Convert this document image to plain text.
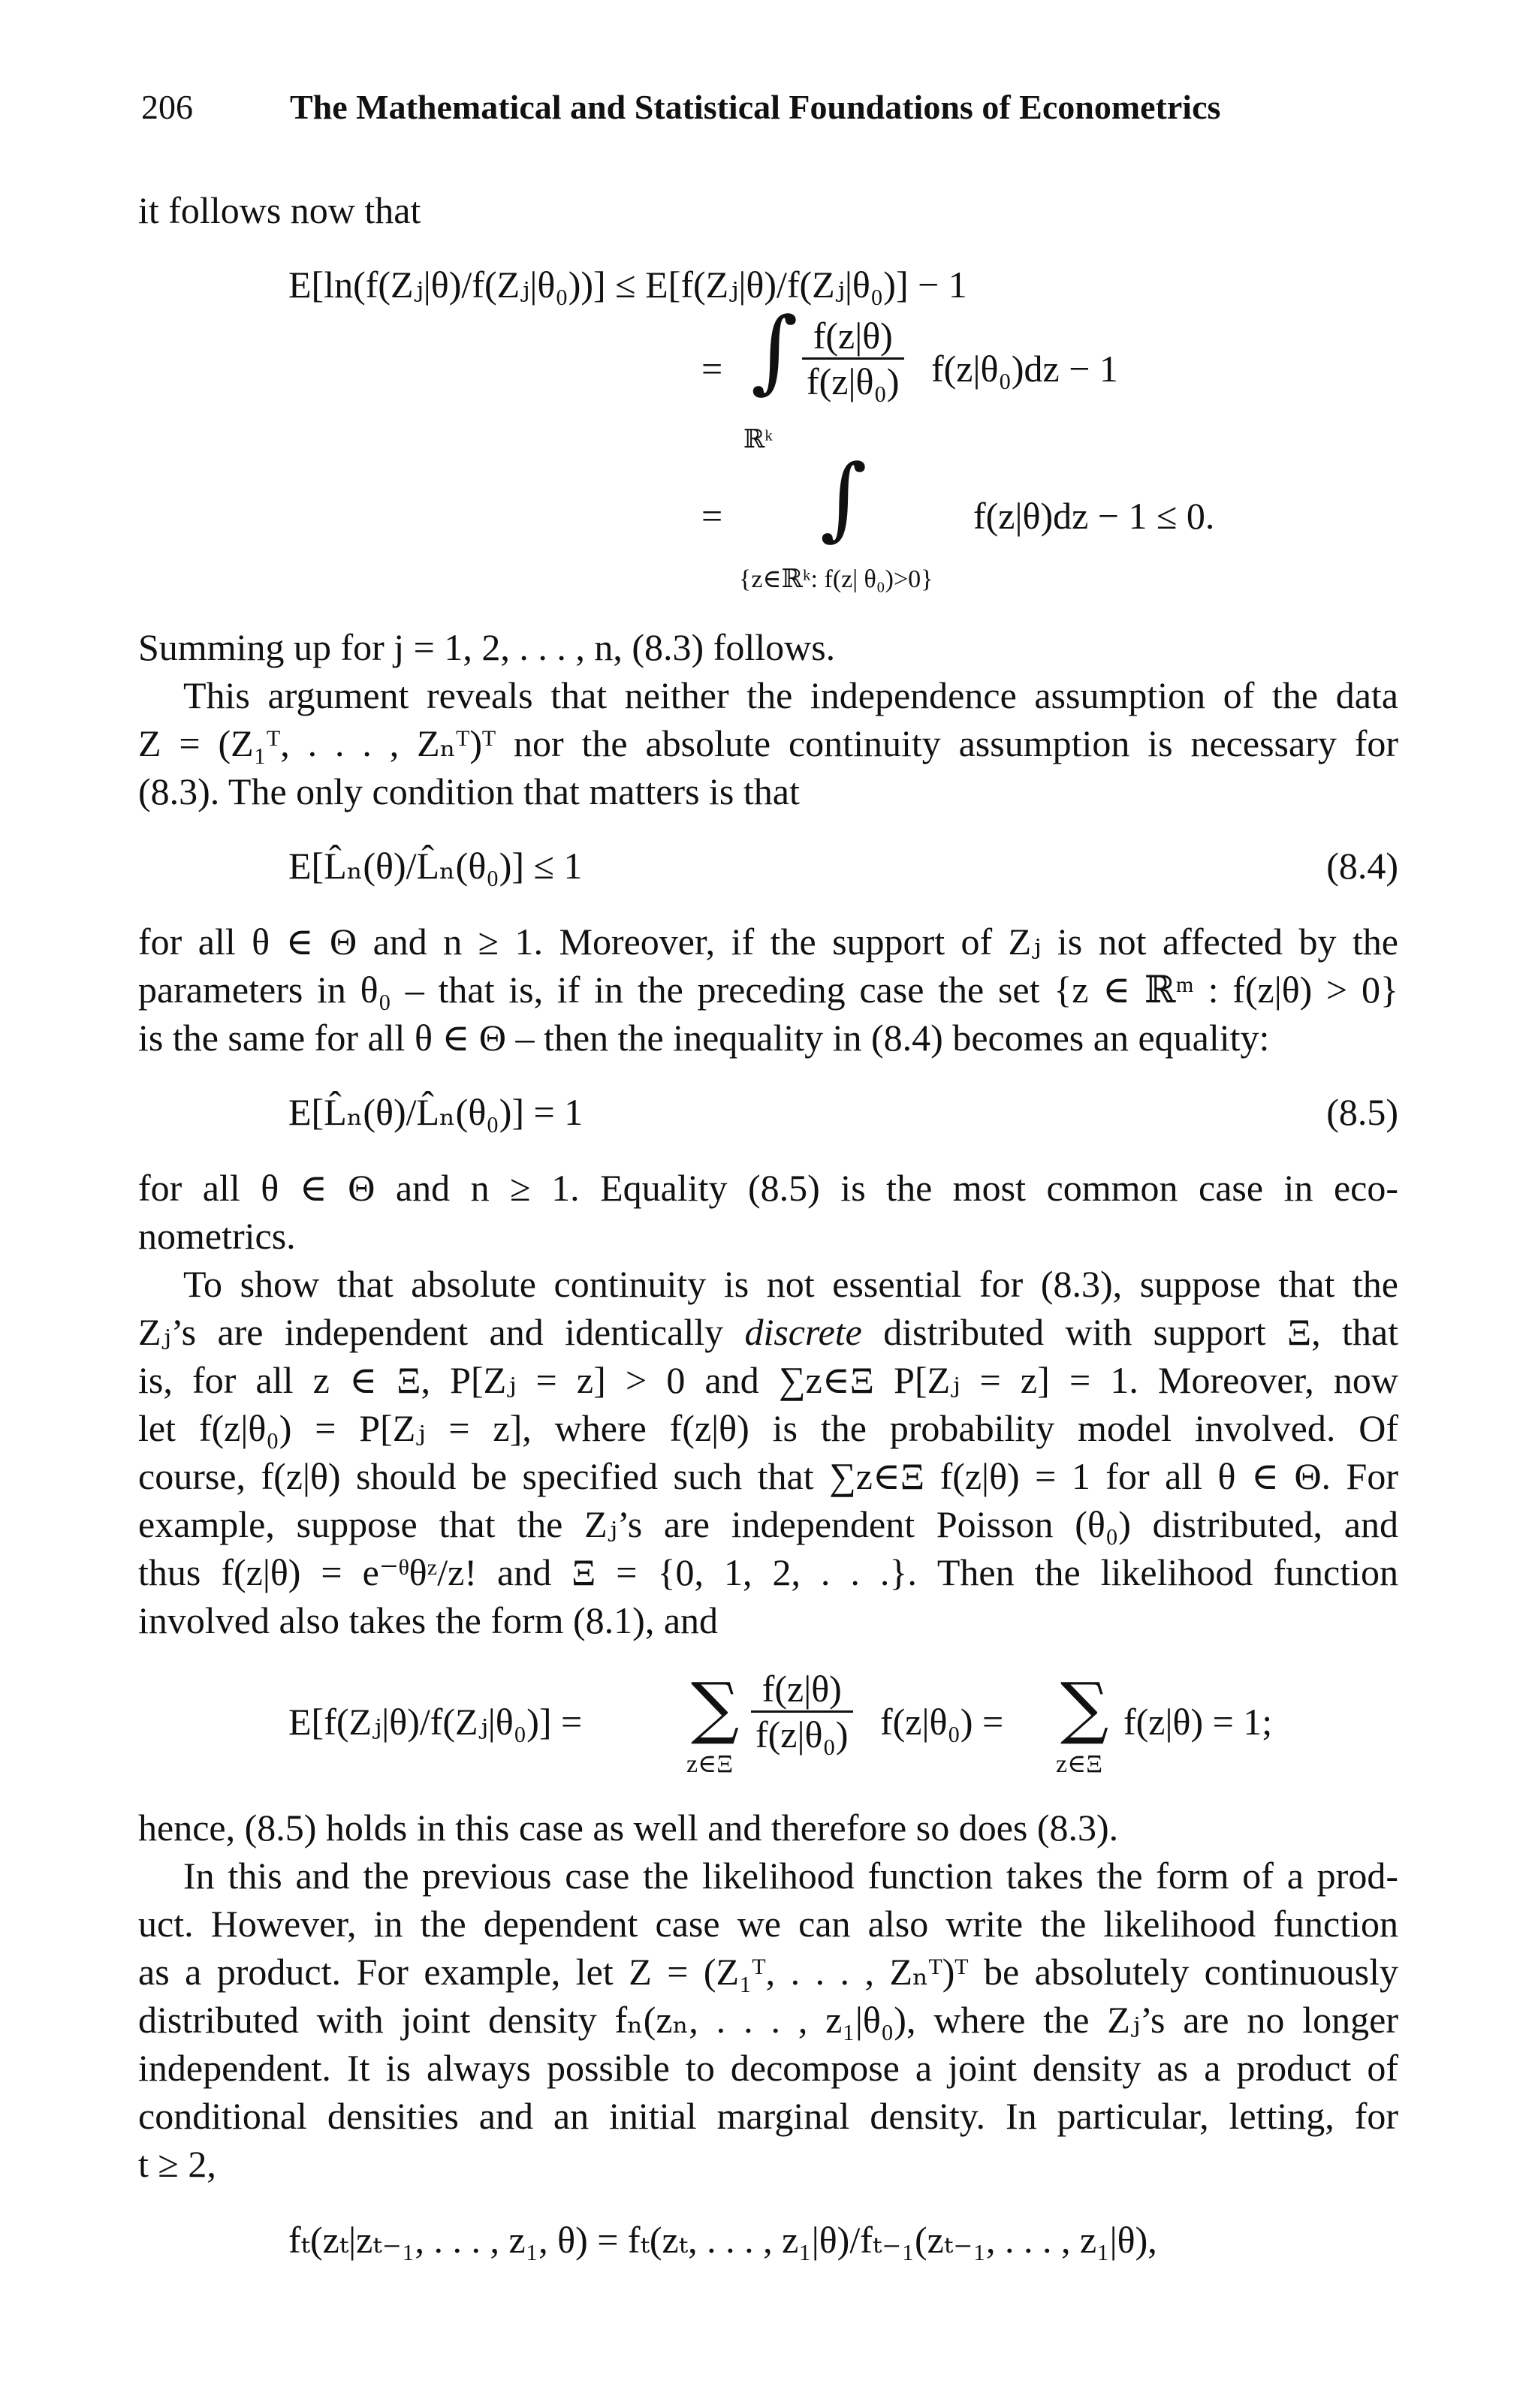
206	The Mathematical and Statistical Foundations of Econometrics
it follows now that
E[ln(f(Zⱼ|θ)/f(Zⱼ|θ₀))] ≤ E[f(Zⱼ|θ)/f(Zⱼ|θ₀)] − 1
= ∫ $\frac{f(z|\theta)}{\text{f(z|θ₀)}} f(z|\theta_0)dz - 1$
ℝᵏ
= ∫	f(z|θ)dz − 1 ≤ 0.
{z∈ℝᵏ: f(z| θ₀)>0}
Summing up for j = 1, 2, . . . , n, (8.3) follows.
This argument reveals that neither the independence assumption of the data
Z = (Z₁ᵀ, . . . , Zₙᵀ)ᵀ nor the absolute continuity assumption is necessary for
(8.3). The only condition that matters is that
E[L̂ₙ(θ)/L̂ₙ(θ₀)] ≤ 1	(8.4)
for all θ ∈ Θ and n ≥ 1. Moreover, if the support of Zⱼ is not affected by the
parameters in θ₀ – that is, if in the preceding case the set {z ∈ ℝᵐ : f(z|θ) > 0}
is the same for all θ ∈ Θ – then the inequality in (8.4) becomes an equality:
E[L̂ₙ(θ)/L̂ₙ(θ₀)] = 1	(8.5)
for all θ ∈ Θ and n ≥ 1. Equality (8.5) is the most common case in eco-
nometrics.
To show that absolute continuity is not essential for (8.3), suppose that the
Zⱼ’s are independent and identically discrete distributed with support Ξ, that
is, for all z ∈ Ξ, P[Zⱼ = z] > 0 and ∑z∈Ξ P[Zⱼ = z] = 1. Moreover, now
let f(z|θ₀) = P[Zⱼ = z], where f(z|θ) is the probability model involved. Of
course, f(z|θ) should be specified such that ∑z∈Ξ f(z|θ) = 1 for all θ ∈ Θ. For
example, suppose that the Zⱼ’s are independent Poisson (θ₀) distributed, and
thus f(z|θ) = e⁻ᶿθᶻ/z! and Ξ = {0, 1, 2, . . .}. Then the likelihood function
involved also takes the form (8.1), and
E[f(Zⱼ|θ)/f(Zⱼ|θ₀)] = ∑
z∈Ξ
$\frac{f(z|\theta)}{\text{f(z|θ₀)}} f(z|\theta_0)$ = ∑
z∈Ξ
f(z|θ) = 1;
hence, (8.5) holds in this case as well and therefore so does (8.3).
In this and the previous case the likelihood function takes the form of a prod-
uct. However, in the dependent case we can also write the likelihood function
as a product. For example, let Z = (Z₁ᵀ, . . . , Zₙᵀ)ᵀ be absolutely continuously
distributed with joint density fₙ(zₙ, . . . , z₁|θ₀), where the Zⱼ’s are no longer
independent. It is always possible to decompose a joint density as a product of
conditional densities and an initial marginal density. In particular, letting, for
t ≥ 2,
fₜ(zₜ|zₜ₋₁, . . . , z₁, θ) = fₜ(zₜ, . . . , z₁|θ)/fₜ₋₁(zₜ₋₁, . . . , z₁|θ),
